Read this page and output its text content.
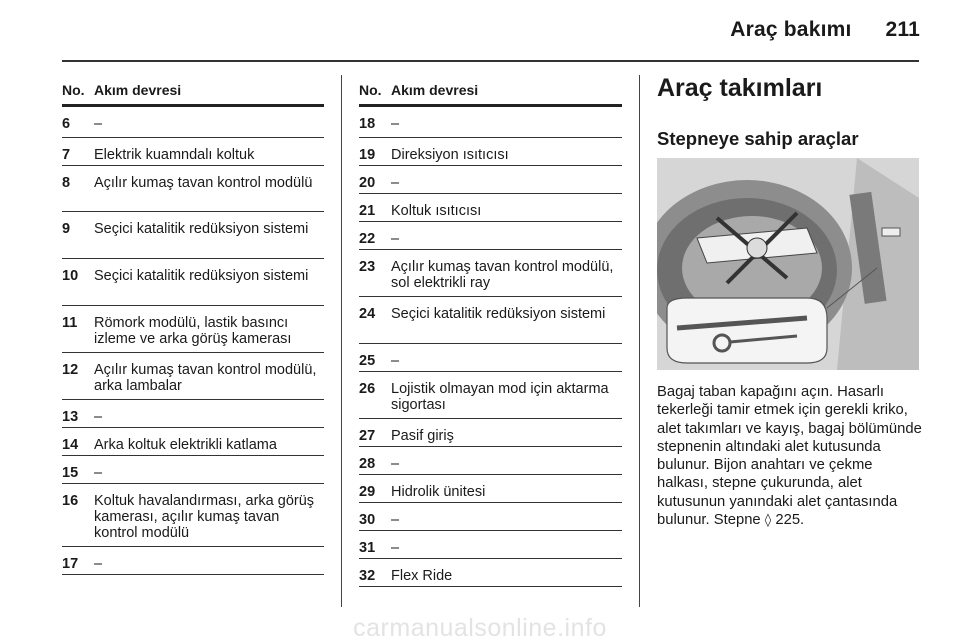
Araç bakımı 211
No. Akım devresi
6	–
7	Elektrik kuamndalı koltuk
8	Açılır kumaş tavan kontrol modülü
9	Seçici katalitik redüksiyon sistemi
10	Seçici katalitik redüksiyon sistemi
11	Römork modülü, lastik basıncı izleme ve arka görüş kamerası
12	Açılır kumaş tavan kontrol modülü, arka lambalar
13	–
14	Arka koltuk elektrikli katlama
15	–
16	Koltuk havalandırması, arka görüş kamerası, açılır kumaş tavan kontrol modülü
17	–
No. Akım devresi
18	–
19	Direksiyon ısıtıcısı
20	–
21	Koltuk ısıtıcısı
22	–
23	Açılır kumaş tavan kontrol modülü, sol elektrikli ray
24	Seçici katalitik redüksiyon sistemi
25	–
26	Lojistik olmayan mod için aktarma sigortası
27	Pasif giriş
28	–
29	Hidrolik ünitesi
30	–
31	–
32	Flex Ride
Araç takımları
Stepneye sahip araçlar
Bagaj taban kapağını açın. Hasarlı tekerleği tamir etmek için gerekli kriko, alet takımları ve kayış, bagaj bölümünde stepnenin altındaki alet kutusunda bulunur. Bijon anahtarı ve çekme halkası, stepne çukurunda, alet kutusunun yanındaki alet çantasında bulunur. Stepne ◊ 225.
carmanualsonline.info
